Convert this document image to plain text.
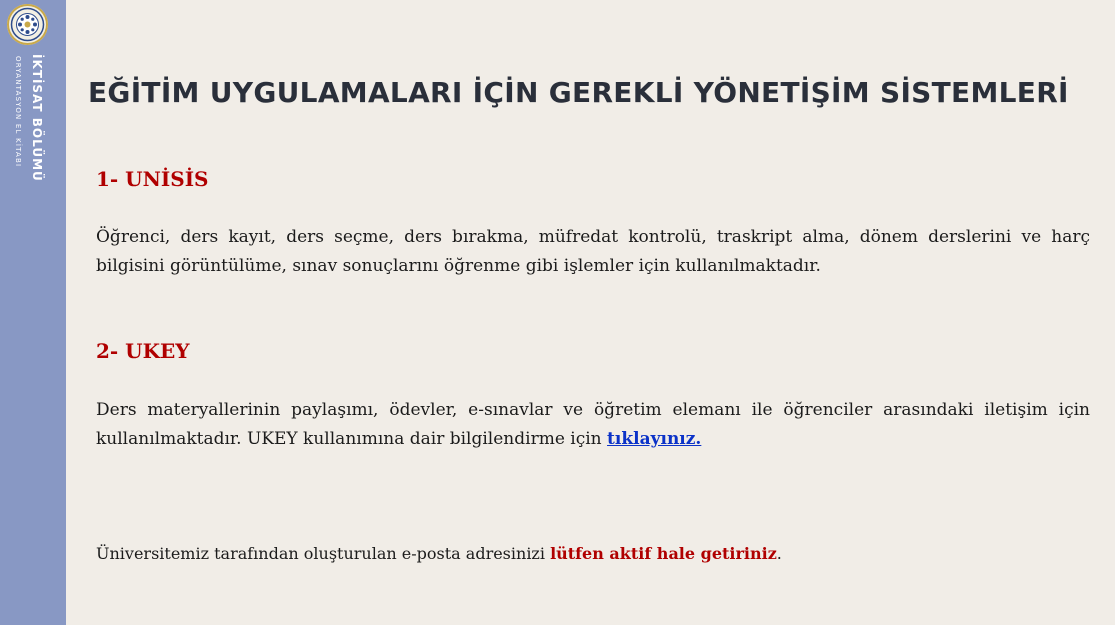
İKTİSAT BÖLÜMÜ
ORYANTASYON EL KİTABI EĞİTİM UYGULAMALARI İÇİN GEREKLİ YÖNETİŞİM SİSTEMLERİ
1- UNİSİS

Öğrenci, ders kayıt, ders seçme, ders bırakma, müfredat kontrolü, traskript alma, dönem derslerini ve harç bilgisini görüntülüme, sınav sonuçlarını öğrenme gibi işlemler için kullanılmaktadır.

2- UKEY

Ders materyallerinin paylaşımı, ödevler, e-sınavlar ve öğretim elemanı ile öğrenciler arasındaki iletişim için kullanılmaktadır. UKEY kullanımına dair bilgilendirme için tıklayınız.

Üniversitemiz tarafından oluşturulan e-posta adresinizi lütfen aktif hale getiriniz.
